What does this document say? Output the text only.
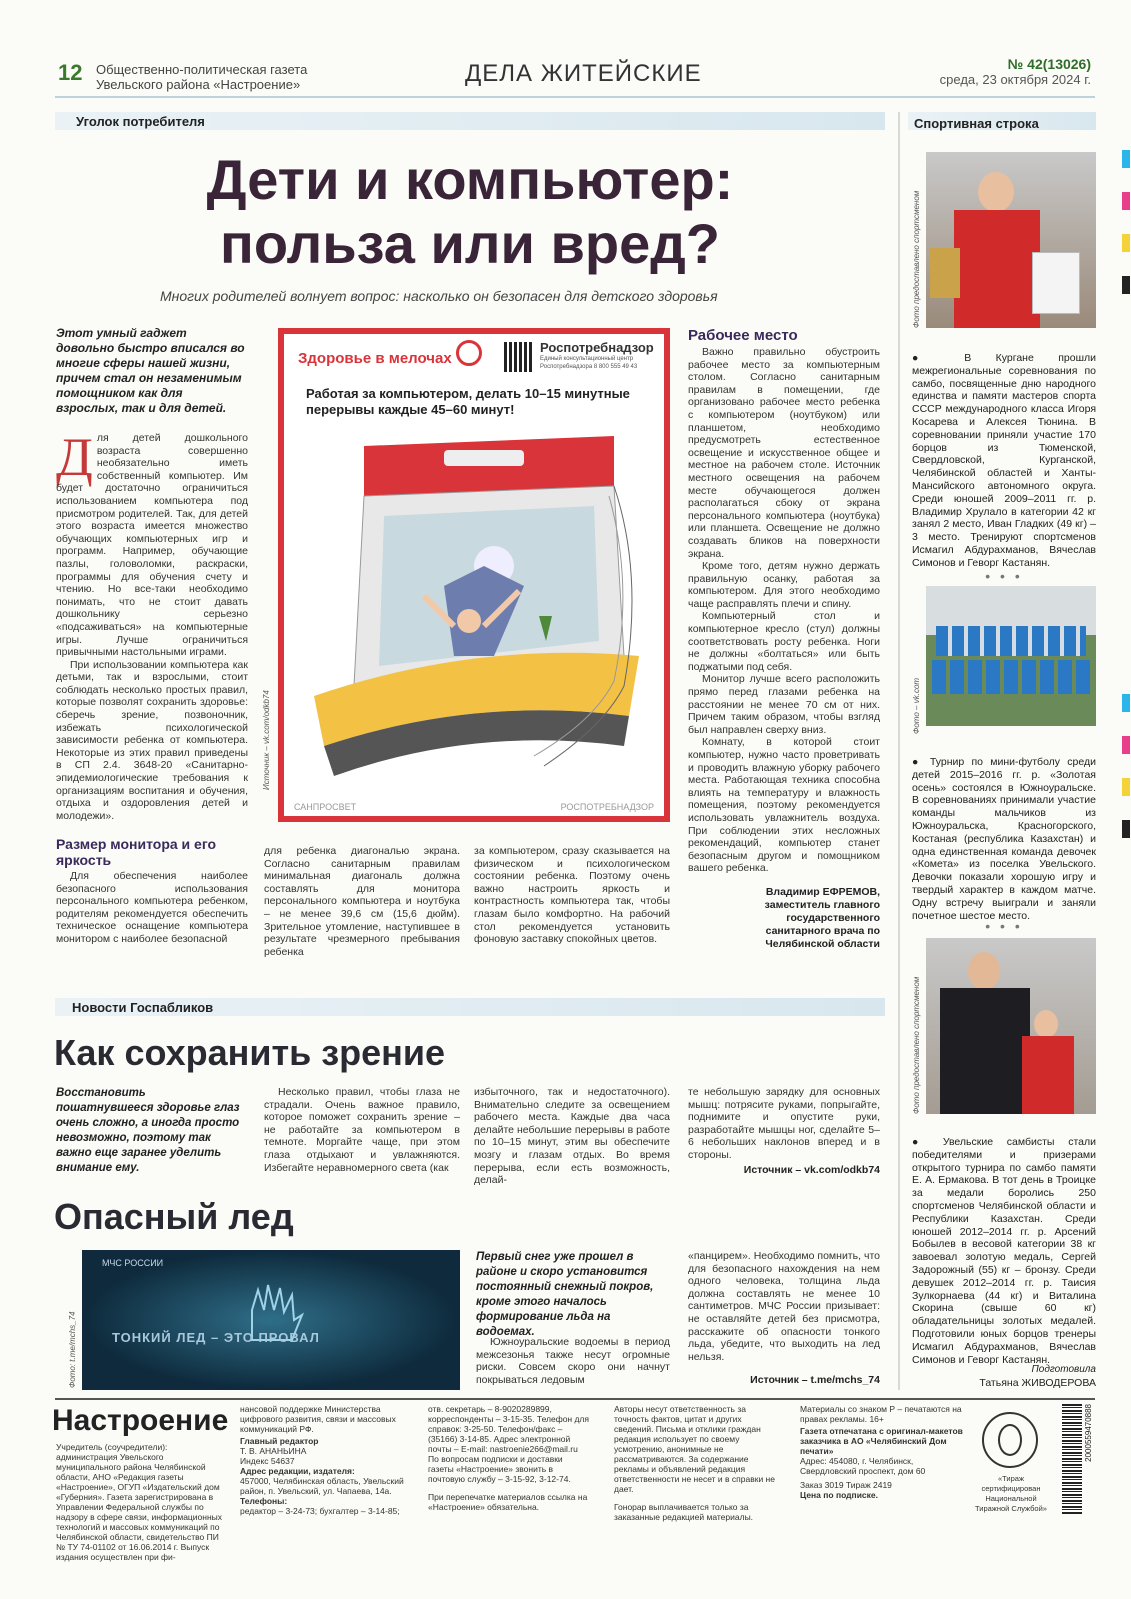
12 Общественно-политическая газета Увельского района «Настроение»	ДЕЛА ЖИТЕЙСКИЕ	№ 42(13026)
среда, 23 октября 2024 г.
Уголок потребителя
Дети и компьютер:
польза или вред?
Многих родителей волнует вопрос: насколько он безопасен для детского здоровья
Этот умный гаджет довольно быстро вписался во многие сферы нашей жизни, причем стал он незаменимым помощником как для взрослых, так и для детей.
Для детей дошкольного возраста совершенно необязательно иметь собственный компьютер. Им будет достаточно ограничиться использованием компьютера под присмотром родителей. Так, для детей этого возраста имеется множество обучающих компьютерных игр и программ. Например, обучающие пазлы, головоломки, раскраски, программы для обучения счету и чтению. Но все-таки необходимо понимать, что не стоит давать дошкольнику серьезно «подсаживаться» на компьютерные игры. Лучше ограничиться привычными настольными играми.

При использовании компьютера как детьми, так и взрослыми, стоит соблюдать несколько простых правил, которые позволят сохранить здоровье: сберечь зрение, позвоночник, избежать психологической зависимости ребенка от компьютера. Некоторые из этих правил приведены в СП 2.4. 3648-20 «Санитарно-эпидемиологические требования к организациям воспитания и обучения, отдыха и оздоровления детей и молодежи».

Размер монитора и его яркость
Для обеспечения наиболее безопасного использования персонального компьютера ребенком, родителям рекомендуется обеспечить техническое оснащение компьютера монитором с наиболее безопасной
Здоровье в мелочах
Роспотребнадзор
Единый консультационный центр
Роспотребнадзора 8 800 555 49 43
Работая за компьютером, делать 10–15 минутные перерывы каждые 45–60 минут!
САНПРОСВЕТ	РОСПОТРЕБНАДЗОР
Источник – vk.com/odkb74
для ребенка диагональю экрана. Согласно санитарным правилам минимальная диагональ должна составлять для монитора персонального компьютера и ноутбука – не менее 39,6 см (15,6 дюйм). Зрительное утомление, наступившее в результате чрезмерного пребывания ребенка
за компьютером, сразу сказывается на физическом и психологическом состоянии ребенка. Поэтому очень важно настроить яркость и контрастность компьютера так, чтобы глазам было комфортно. На рабочий стол рекомендуется установить фоновую заставку спокойных цветов.
Рабочее место

Важно правильно обустроить рабочее место за компьютерным столом. Согласно санитарным правилам в помещении, где организовано рабочее место ребенка с компьютером (ноутбуком) или планшетом, необходимо предусмотреть естественное освещение и искусственное общее и местное на рабочем столе. Источник местного освещения на рабочем месте обучающегося должен располагаться сбоку от экрана персонального компьютера (ноутбука) или планшета. Освещение не должно создавать бликов на поверхности экрана.

Кроме того, детям нужно держать правильную осанку, работая за компьютером. Для этого необходимо чаще расправлять плечи и спину.

Компьютерный стол и компьютерное кресло (стул) должны соответствовать росту ребенка. Ноги не должны «болтаться» или быть поджатыми под себя.

Монитор лучше всего расположить прямо перед глазами ребенка на расстоянии не менее 70 см от них. Причем таким образом, чтобы взгляд был направлен сверху вниз.

Комнату, в которой стоит компьютер, нужно часто проветривать и проводить влажную уборку рабочего места. Работающая техника способна влиять на температуру и влажность помещения, поэтому рекомендуется использовать увлажнитель воздуха. При соблюдении этих несложных рекомендаций, компьютер станет безопасным другом и помощником вашего ребенка.

Владимир ЕФРЕМОВ, заместитель главного государственного санитарного врача по Челябинской области
Новости Госпабликов
Как сохранить зрение
Восстановить пошатнувшееся здоровье глаз очень сложно, а иногда просто невозможно, поэтому так важно еще заранее уделить внимание ему.
Несколько правил, чтобы глаза не страдали. Очень важное правило, которое поможет сохранить зрение – не работайте за компьютером в темноте. Моргайте чаще, при этом глаза отдыхают и увлажняются. Избегайте неравномерного света (как
избыточного, так и недостаточного). Внимательно следите за освещением рабочего места. Каждые два часа делайте небольшие перерывы в работе по 10–15 минут, этим вы обеспечите мозгу и глазам отдых. Во время перерыва, если есть возможность, делай-
те небольшую зарядку для основных мышц: потрясите руками, попрыгайте, поднимите и опустите руки, разработайте мышцы ног, сделайте 5–6 небольших наклонов вперед и в стороны.
Источник – vk.com/odkb74
Опасный лед
МЧС РОССИИ
ТОНКИЙ ЛЕД – ЭТО ПРОВАЛ
Фото: t.me/mchs_74
Первый снег уже прошел в районе и скоро установится постоянный снежный покров, кроме этого началось формирование льда на водоемах.
Южноуральские водоемы в период межсезонья также несут огромные риски. Совсем скоро они начнут покрываться ледовым
«панцирем». Необходимо помнить, что для безопасного нахождения на нем одного человека, толщина льда должна составлять не менее 10 сантиметров. МЧС России призывает: не оставляйте детей без присмотра, расскажите об опасности тонкого льда, убедите, что выходить на лед нельзя.
Источник – t.me/mchs_74
Спортивная строка
Фото предоставлено спортсменом
● В Кургане прошли межрегиональные соревнования по самбо, посвященные дню народного единства и памяти мастеров спорта СССР международного класса Игоря Косарева и Алексея Тюнина. В соревновании приняли участие 170 борцов из Тюменской, Свердловской, Курганской, Челябинской областей и Ханты-Мансийского автономного округа. Среди юношей 2009–2011 гг. р. Владимир Хрулало в категории 42 кг занял 2 место, Иван Гладких (49 кг) – 3 место. Тренируют спортсменов Исмагил Абдурахманов, Вячеслав Симонов и Геворг Кастанян.
• • •
Фото – vk.com
● Турнир по мини-футболу среди детей 2015–2016 гг. р. «Золотая осень» состоялся в Южноуральске. В соревнованиях принимали участие команды мальчиков из Южноуральска, Красногорского, Костаная (республика Казахстан) и одна единственная команда девочек «Комета» из поселка Увельского. Девочки показали хорошую игру и твердый характер в каждом матче. Одну встречу выиграли и заняли почетное шестое место.
• • •
Фото предоставлено спортсменом
● Увельские самбисты стали победителями и призерами открытого турнира по самбо памяти Е. А. Ермакова. В тот день в Троицке за медали боролись 250 спортсменов Челябинской области и Республики Казахстан. Среди юношей 2012–2014 гг. р. Арсений Бобылев в весовой категории 38 кг завоевал золотую медаль, Сергей Задорожный (55) кг – бронзу. Среди девушек 2012–2014 гг. р. Таисия Зулкорнаева (44 кг) и Виталина Скорина (свыше 60 кг) обладательницы золотых медалей. Подготовили юных борцов тренеры Исмагил Абдурахманов, Вячеслав Симонов и Геворг Кастанян.
Подготовила
Татьяна ЖИВОДЕРОВА
Настроение
Учредитель (соучредители): администрация Увельского муниципального района Челябинской области, АНО «Редакция газеты «Настроение», ОГУП «Издательский дом «Губерния». Газета зарегистрирована в Управлении Федеральной службы по надзору в сфере связи, информационных технологий и массовых коммуникаций по Челябинской области, свидетельство ПИ № ТУ 74-01102 от 16.06.2014 г. Выпуск издания осуществлен при фи-
нансовой поддержке Министерства цифрового развития, связи и массовых коммуникаций РФ.
Главный редактор
Т. В. АНАНЬИНА
Индекс 54637
Адрес редакции, издателя:
457000, Челябинская область, Увельский район, п. Увельский, ул. Чапаева, 14а.
Телефоны:
редактор – 3-24-73; бухгалтер – 3-14-85;
отв. секретарь – 8-9020289899, корреспонденты – 3-15-35. Телефон для справок: 3-25-50. Телефон/факс – (35166) 3-14-85. Адрес электронной почты – E-mail: nastroenie266@mail.ru По вопросам подписки и доставки газеты «Настроение» звонить в почтовую службу – 3-15-92, 3-12-74.
При перепечатке материалов ссылка на «Настроение» обязательна.
Авторы несут ответственность за точность фактов, цитат и других сведений. Письма и отклики граждан редакция использует по своему усмотрению, анонимные не рассматриваются. За содержание рекламы и объявлений редакция ответственности не несет и в справки не дает.
Гонорар выплачивается только за заказанные редакцией материалы.
Материалы со знаком Р – печатаются на правах рекламы. 16+
Газета отпечатана с оригинал-макетов заказчика в АО «Челябинский Дом печати»
Адрес: 454080, г. Челябинск, Свердловский проспект, дом 60
Заказ 3019 Тираж 2419
Цена по подписке.
«Тираж сертифицирован Национальной Тиражной Службой»
2000559470888
